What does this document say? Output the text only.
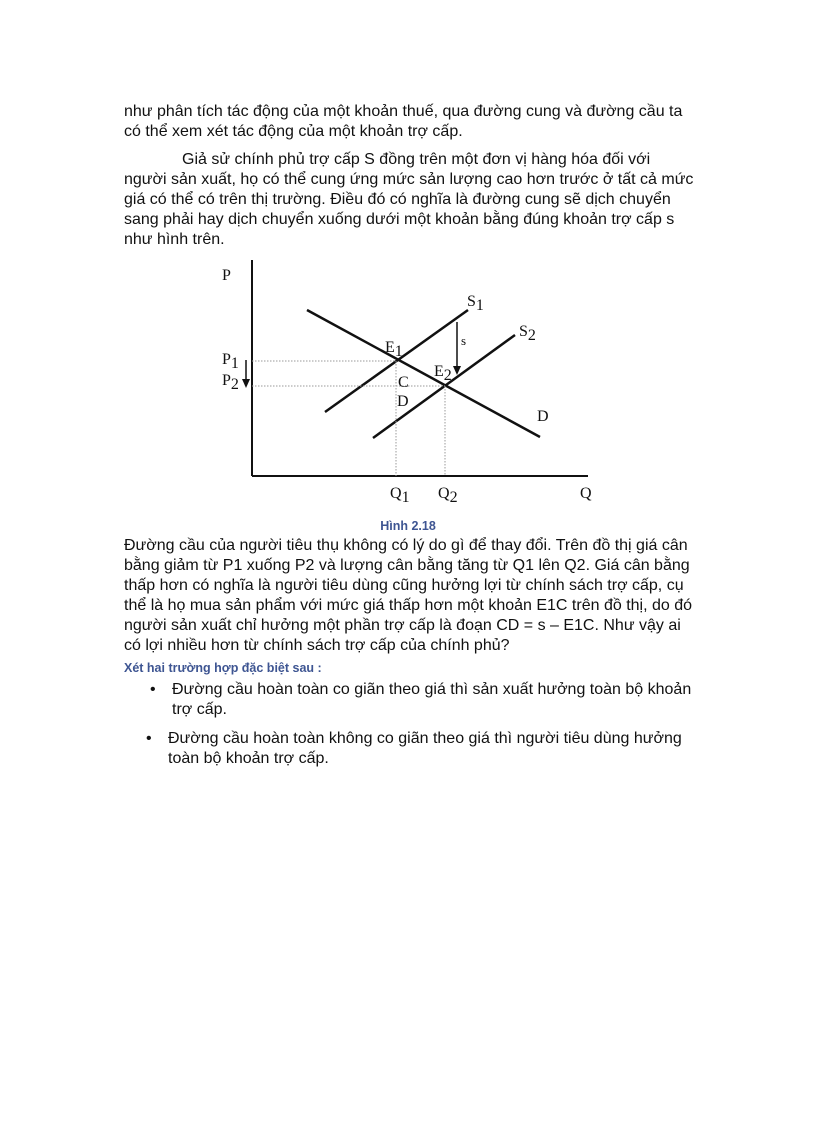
như phân tích tác động của một khoản thuế, qua đường cung và đường cầu ta
có thể xem xét tác động của một khoản trợ cấp.
Giả sử chính phủ trợ cấp S đồng trên một đơn vị hàng hóa đối với
người sản xuất, họ có thể cung ứng mức sản lượng cao hơn trước ở tất cả mức
giá có thể có trên thị trường. Điều đó có nghĩa là đường cung sẽ dịch chuyển
sang phải hay dịch chuyển xuống dưới một khoản bằng đúng khoản trợ cấp s
như hình trên.
P
Q
P1
P2
Q1 Q2
S1
S2
E1
E2
C
D
D
s
Hình 2.18
Đường cầu của người tiêu thụ không có lý do gì để thay đổi. Trên đồ thị giá cân
bằng giảm từ P1 xuống P2 và lượng cân bằng tăng từ Q1 lên Q2. Giá cân bằng
thấp hơn có nghĩa là người tiêu dùng cũng hưởng lợi từ chính sách trợ cấp, cụ
thể là họ mua sản phẩm với mức giá thấp hơn một khoản E1C trên đồ thị, do đó
người sản xuất chỉ hưởng một phần trợ cấp là đoạn CD = s – E1C. Như vậy ai
có lợi nhiều hơn từ chính sách trợ cấp của chính phủ?
Xét hai trường hợp đặc biệt sau :
• Đường cầu hoàn toàn co giãn theo giá thì sản xuất hưởng toàn bộ khoản
trợ cấp.
• Đường cầu hoàn toàn không co giãn theo giá thì người tiêu dùng hưởng
toàn bộ khoản trợ cấp.
